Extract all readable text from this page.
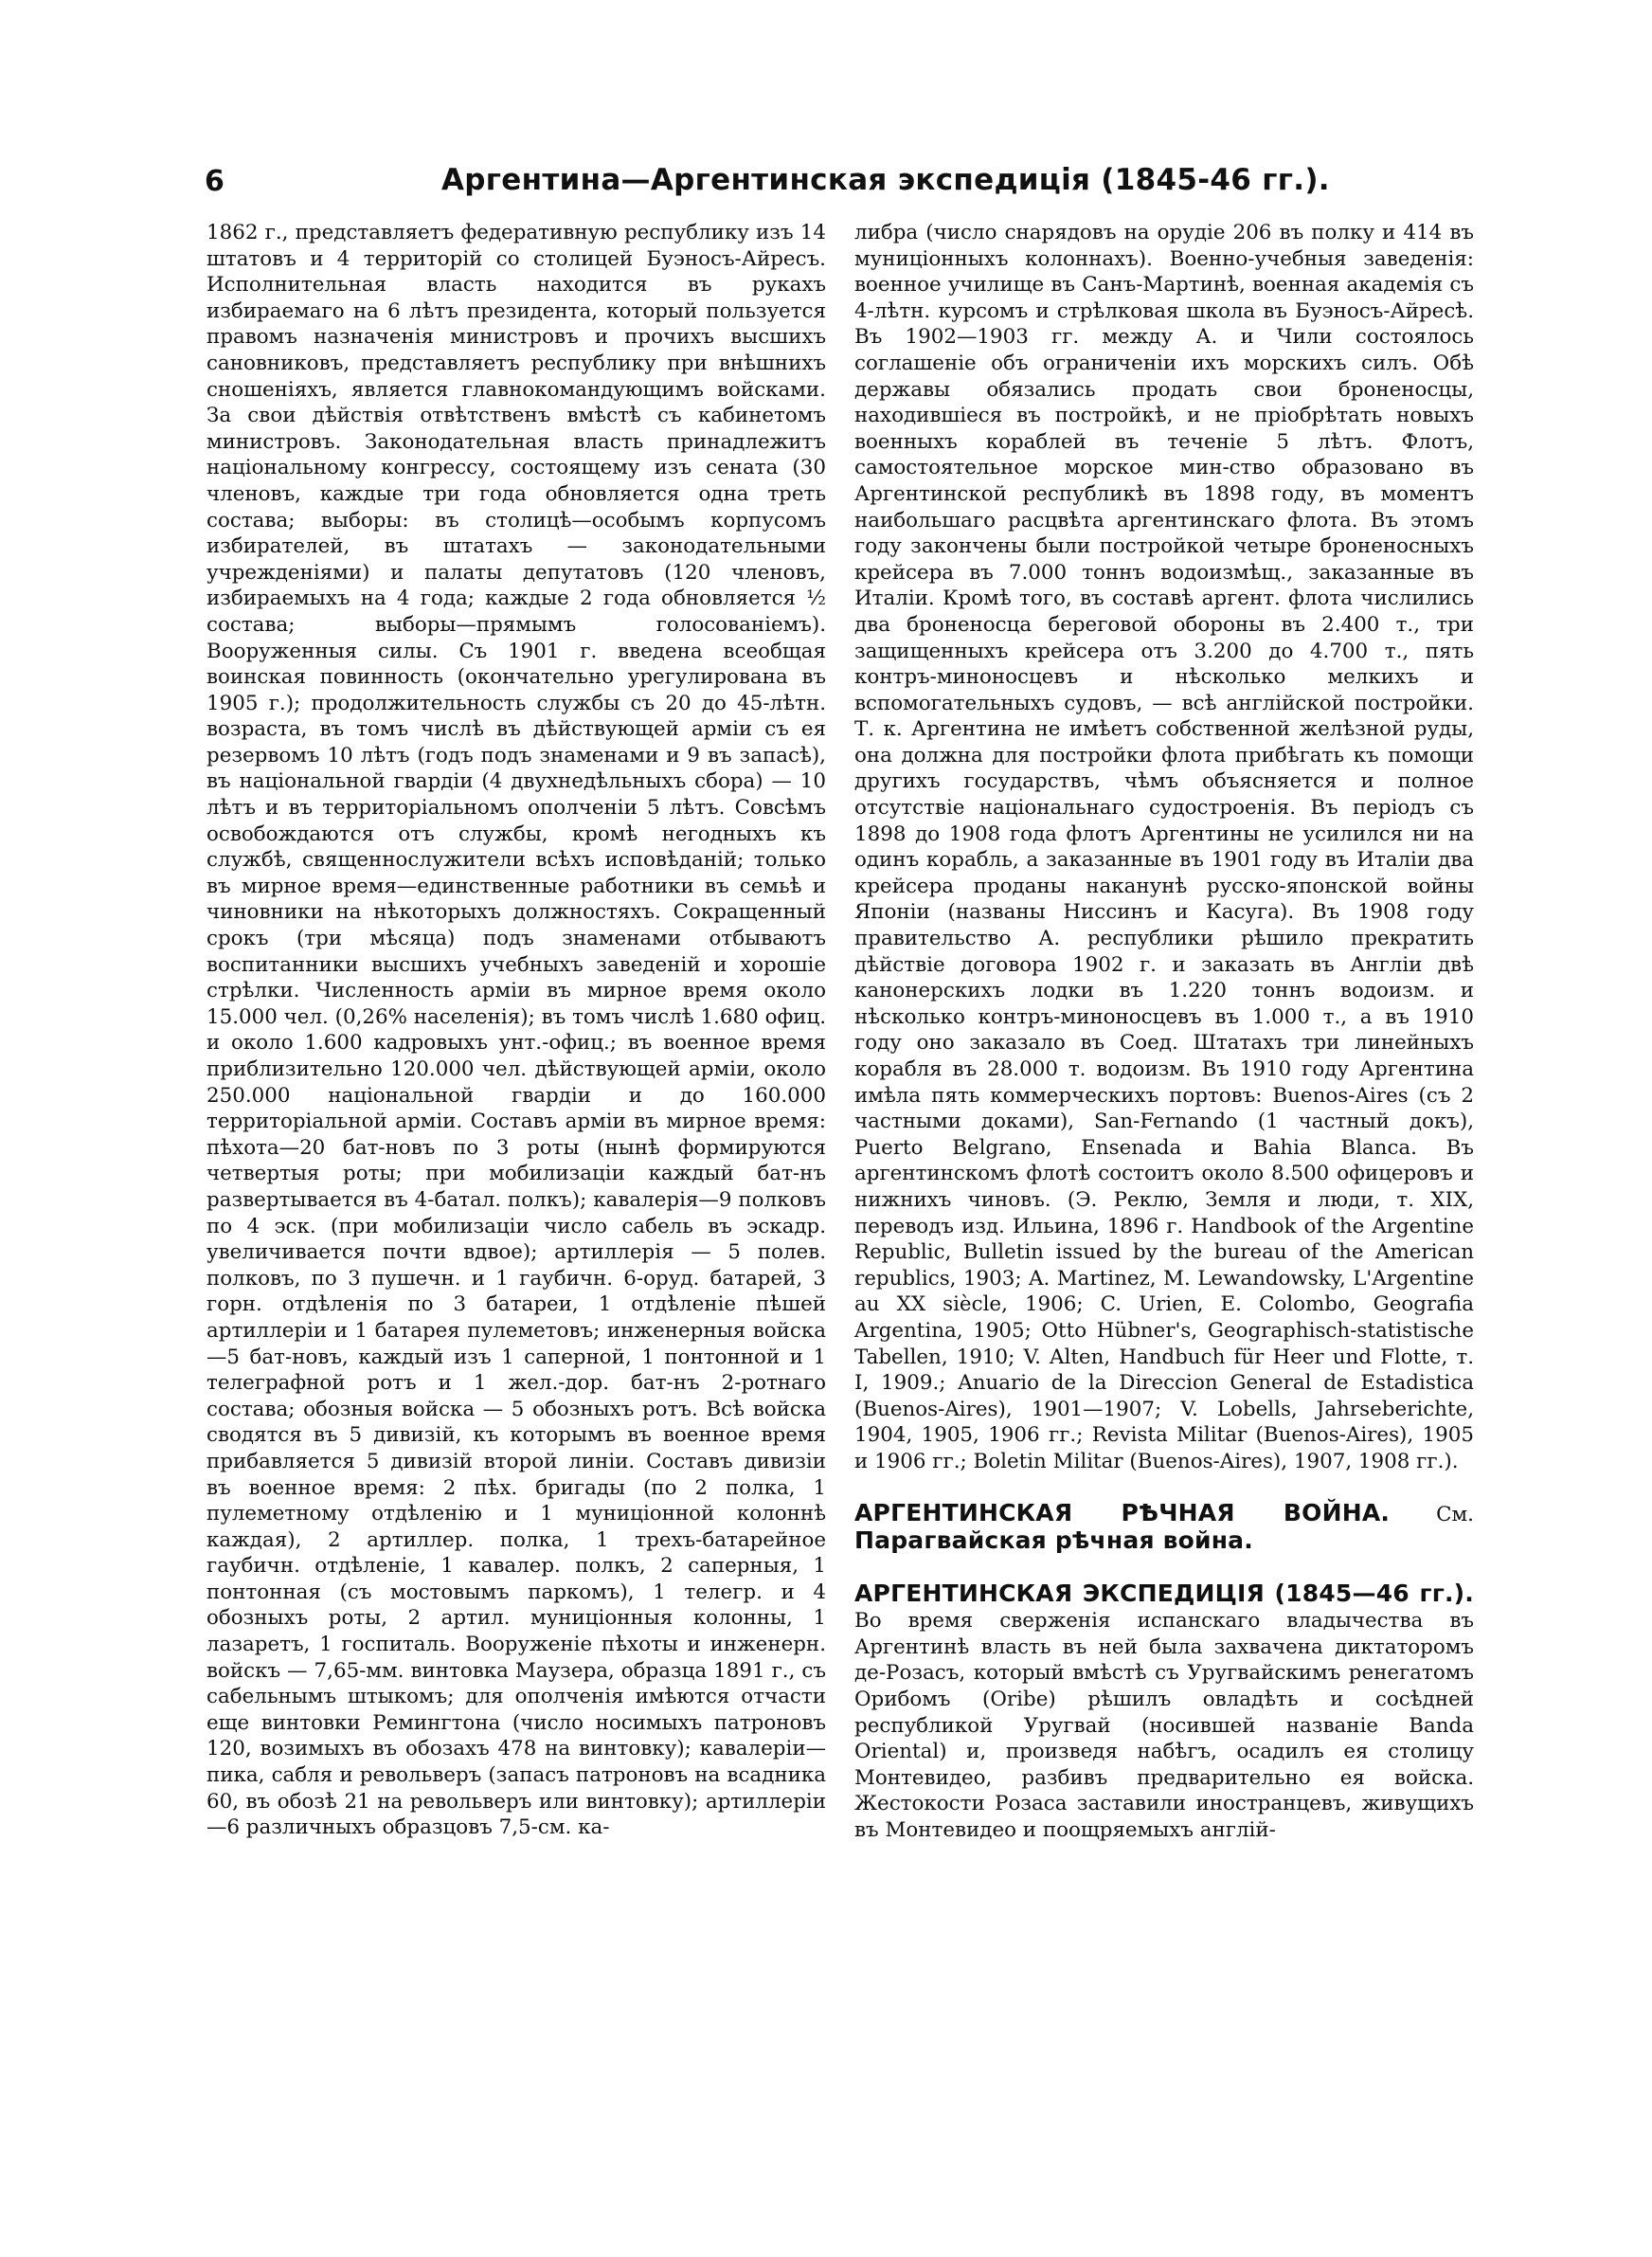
6	Аргентина—Аргентинская экспедиція (1845-46 гг.).

1862 г., представляетъ федеративную республику изъ 14 штатовъ и 4 территорій со столицей Буэносъ-Айресъ. Исполнительная власть находится въ рукахъ избираемаго на 6 лѣтъ президента, который пользуется правомъ назначенія министровъ и прочихъ высшихъ сановниковъ, представляетъ республику при внѣшнихъ сношеніяхъ, является главнокомандующимъ войсками. За свои дѣйствія отвѣтственъ вмѣстѣ съ кабинетомъ министровъ. Законодательная власть принадлежитъ національному конгрессу, состоящему изъ сената (30 членовъ, каждые три года обновляется одна треть состава; выборы: въ столицѣ—особымъ корпусомъ избирателей, въ штатахъ — законодательными учрежденіями) и палаты депутатовъ (120 членовъ, избираемыхъ на 4 года; каждые 2 года обновляется ½ состава; выборы—прямымъ голосованіемъ). Вооруженныя силы. Съ 1901 г. введена всеобщая воинская повинность (окончательно урегулирована въ 1905 г.); продолжительность службы съ 20 до 45-лѣтн. возраста, въ томъ числѣ въ дѣйствующей арміи съ ея резервомъ 10 лѣтъ (годъ подъ знаменами и 9 въ запасѣ), въ національной гвардіи (4 двухнедѣльныхъ сбора) — 10 лѣтъ и въ территоріальномъ ополченіи 5 лѣтъ. Совсѣмъ освобождаются отъ службы, кромѣ негодныхъ къ службѣ, священнослужители всѣхъ исповѣданій; только въ мирное время—единственные работники въ семьѣ и чиновники на нѣкоторыхъ должностяхъ. Сокращенный срокъ (три мѣсяца) подъ знаменами отбываютъ воспитанники высшихъ учебныхъ заведеній и хорошіе стрѣлки. Численность арміи въ мирное время около 15.000 чел. (0,26% населенія); въ томъ числѣ 1.680 офиц. и около 1.600 кадровыхъ унт.-офиц.; въ военное время приблизительно 120.000 чел. дѣйствующей арміи, около 250.000 національной гвардіи и до 160.000 территоріальной арміи. Составъ арміи въ мирное время: пѣхота—20 бат-новъ по 3 роты (нынѣ формируются четвертыя роты; при мобилизаціи каждый бат-нъ развертывается въ 4-батал. полкъ); кавалерія—9 полковъ по 4 эск. (при мобилизаціи число сабель въ эскадр. увеличивается почти вдвое); артиллерія — 5 полев. полковъ, по 3 пушечн. и 1 гаубичн. 6-оруд. батарей, 3 горн. отдѣленія по 3 батареи, 1 отдѣленіе пѣшей артиллеріи и 1 батарея пулеметовъ; инженерныя войска—5 бат-новъ, каждый изъ 1 саперной, 1 понтонной и 1 телеграфной ротъ и 1 жел.-дор. бат-нъ 2-ротнаго состава; обозныя войска — 5 обозныхъ ротъ. Всѣ войска сводятся въ 5 дивизій, къ которымъ въ военное время прибавляется 5 дивизій второй линіи. Составъ дивизіи въ военное время: 2 пѣх. бригады (по 2 полка, 1 пулеметному отдѣленію и 1 муниціонной колоннѣ каждая), 2 артиллер. полка, 1 трехъ-батарейное гаубичн. отдѣленіе, 1 кавалер. полкъ, 2 саперныя, 1 понтонная (съ мостовымъ паркомъ), 1 телегр. и 4 обозныхъ роты, 2 артил. муниціонныя колонны, 1 лазаретъ, 1 госпиталь. Вооруженіе пѣхоты и инженерн. войскъ — 7,65-мм. винтовка Маузера, образца 1891 г., съ сабельнымъ штыкомъ; для ополченія имѣются отчасти еще винтовки Ремингтона (число носимыхъ патроновъ 120, возимыхъ въ обозахъ 478 на винтовку); кавалеріи—пика, сабля и револьверъ (запасъ патроновъ на всадника 60, въ обозѣ 21 на револьверъ или винтовку); артиллеріи—6 различныхъ образцовъ 7,5-см. ка-

либра (число снарядовъ на орудіе 206 въ полку и 414 въ муниціонныхъ колоннахъ). Военно-учебныя заведенія: военное училище въ Санъ-Мартинѣ, военная академія съ 4-лѣтн. курсомъ и стрѣлковая школа въ Буэносъ-Айресѣ. Въ 1902—1903 гг. между А. и Чили состоялось соглашеніе объ ограниченіи ихъ морскихъ силъ. Обѣ державы обязались продать свои броненосцы, находившіеся въ постройкѣ, и не пріобрѣтать новыхъ военныхъ кораблей въ теченіе 5 лѣтъ. Флотъ, самостоятельное морское мин-ство образовано въ Аргентинской республикѣ въ 1898 году, въ моментъ наибольшаго расцвѣта аргентинскаго флота. Въ этомъ году закончены были постройкой четыре броненосныхъ крейсера въ 7.000 тоннъ водоизмѣщ., заказанные въ Италіи. Кромѣ того, въ составѣ аргент. флота числились два броненосца береговой обороны въ 2.400 т., три защищенныхъ крейсера отъ 3.200 до 4.700 т., пять контръ-миноносцевъ и нѣсколько мелкихъ и вспомогательныхъ судовъ, — всѣ англійской постройки. Т. к. Аргентина не имѣетъ собственной желѣзной руды, она должна для постройки флота прибѣгать къ помощи другихъ государствъ, чѣмъ объясняется и полное отсутствіе національнаго судостроенія. Въ періодъ съ 1898 до 1908 года флотъ Аргентины не усилился ни на одинъ корабль, а заказанные въ 1901 году въ Италіи два крейсера проданы наканунѣ русско-японской войны Японіи (названы Ниссинъ и Касуга). Въ 1908 году правительство А. республики рѣшило прекратить дѣйствіе договора 1902 г. и заказать въ Англіи двѣ канонерскихъ лодки въ 1.220 тоннъ водоизм. и нѣсколько контръ-миноносцевъ въ 1.000 т., а въ 1910 году оно заказало въ Соед. Штатахъ три линейныхъ корабля въ 28.000 т. водоизм. Въ 1910 году Аргентина имѣла пять коммерческихъ портовъ: Buenos-Aires (съ 2 частными доками), San-Fernando (1 частный докъ), Puerto Belgrano, Ensenada и Bahia Blanca. Въ аргентинскомъ флотѣ состоитъ около 8.500 офицеровъ и нижнихъ чиновъ. (Э. Реклю, Земля и люди, т. XIX, переводъ изд. Ильина, 1896 г. Handbook of the Argentine Republic, Bulletin issued by the bureau of the American republics, 1903; A. Martinez, M. Lewandowsky, L'Argentine au XX siècle, 1906; C. Urien, E. Colombo, Geografia Argentina, 1905; Otto Hübner's, Geographisch-statistische Tabellen, 1910; V. Alten, Handbuch für Heer und Flotte, т. I, 1909.; Anuario de la Direccion General de Estadistica (Buenos-Aires), 1901—1907; V. Lobells, Jahrseberichte, 1904, 1905, 1906 гг.; Revista Militar (Buenos-Aires), 1905 и 1906 гг.; Boletin Militar (Buenos-Aires), 1907, 1908 гг.).

АРГЕНТИНСКАЯ РѢЧНАЯ ВОЙНА. См. Парагвайская рѣчная война.

АРГЕНТИНСКАЯ ЭКСПЕДИЦІЯ (1845—46 гг.). Во время сверженія испанскаго владычества въ Аргентинѣ власть въ ней была захвачена диктаторомъ де-Розасъ, который вмѣстѣ съ Уругвайскимъ ренегатомъ Орибомъ (Oribe) рѣшилъ овладѣть и сосѣдней республикой Уругвай (носившей названіе Banda Oriental) и, произведя набѣгъ, осадилъ ея столицу Монтевидео, разбивъ предварительно ея войска. Жестокости Розаса заставили иностранцевъ, живущихъ въ Монтевидео и поощряемыхъ англій-
